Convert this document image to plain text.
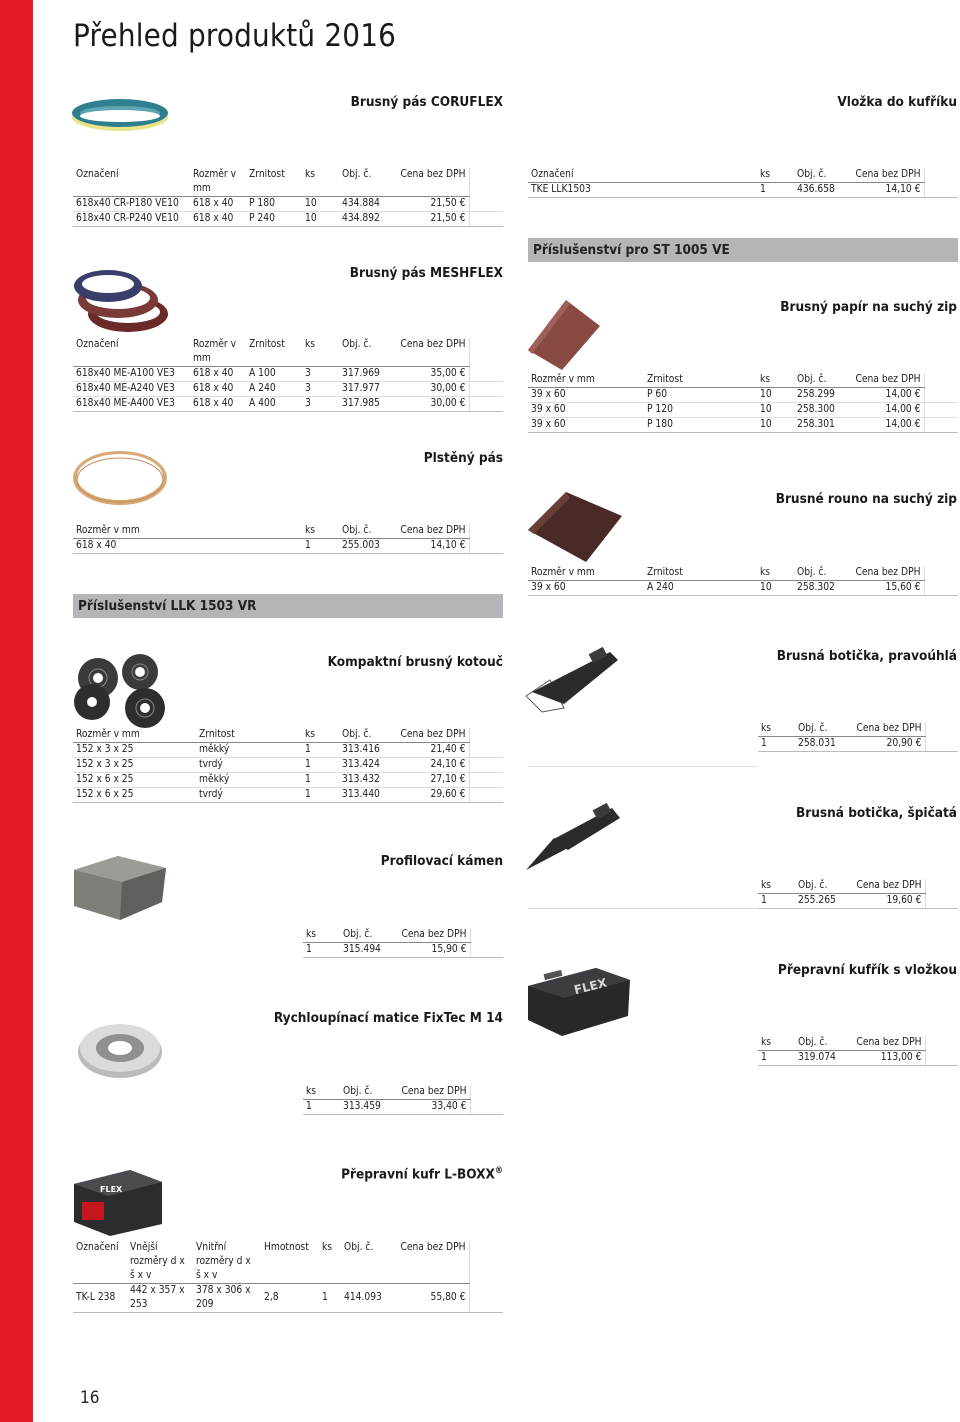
Přehled produktů 2016
Brusný pás CORUFLEX
Označení	Rozměr v mm	Zrnitost	ks	Obj. č.	Cena bez DPH	
618x40 CR-P180 VE10	618 x 40	P 180	10	434.884	21,50 €	
618x40 CR-P240 VE10	618 x 40	P 240	10	434.892	21,50 €	
Brusný pás MESHFLEX
Označení	Rozměr v mm	Zrnitost	ks	Obj. č.	Cena bez DPH	
618x40 ME-A100 VE3	618 x 40	A 100	3	317.969	35,00 €	
618x40 ME-A240 VE3	618 x 40	A 240	3	317.977	30,00 €	
618x40 ME-A400 VE3	618 x 40	A 400	3	317.985	30,00 €	
Plstěný pás
Rozměr v mm	ks	Obj. č.	Cena bez DPH	
618 x 40	1	255.003	14,10 €	
Příslušenství LLK 1503 VR
Kompaktní brusný kotouč
Rozměr v mm	Zrnitost	ks	Obj. č.	Cena bez DPH	
152 x 3 x 25	měkký	1	313.416	21,40 €	
152 x 3 x 25	tvrdý	1	313.424	24,10 €	
152 x 6 x 25	měkký	1	313.432	27,10 €	
152 x 6 x 25	tvrdý	1	313.440	29,60 €	
Profilovací kámen
ks	Obj. č.	Cena bez DPH	
1	315.494	15,90 €	
Rychloupínací matice FixTec M 14
ks	Obj. č.	Cena bez DPH	
1	313.459	33,40 €	
FLEX
Přepravní kufr L-BOXX®
Označení	Vnější rozměry d x š x v	Vnitřní rozměry d x š x v	Hmotnost	ks	Obj. č.	Cena bez DPH	
TK-L 238	442 x 357 x 253	378 x 306 x 209	2,8	1	414.093	55,80 €	
Vložka do kufříku
Označení	ks	Obj. č.	Cena bez DPH	
TKE LLK1503	1	436.658	14,10 €	
Příslušenství pro ST 1005 VE
Brusný papír na suchý zip
Rozměr v mm	Zrnitost	ks	Obj. č.	Cena bez DPH	
39 x 60	P 60	10	258.299	14,00 €	
39 x 60	P 120	10	258.300	14,00 €	
39 x 60	P 180	10	258.301	14,00 €	
Brusné rouno na suchý zip
Rozměr v mm	Zrnitost	ks	Obj. č.	Cena bez DPH	
39 x 60	A 240	10	258.302	15,60 €	
Brusná botička, pravoúhlá
ks	Obj. č.	Cena bez DPH	
1	258.031	20,90 €	
Brusná botička, špičatá
ks	Obj. č.	Cena bez DPH	
1	255.265	19,60 €	
Přepravní kufřík s vložkou
FLEX
ks	Obj. č.	Cena bez DPH	
1	319.074	113,00 €	
16
